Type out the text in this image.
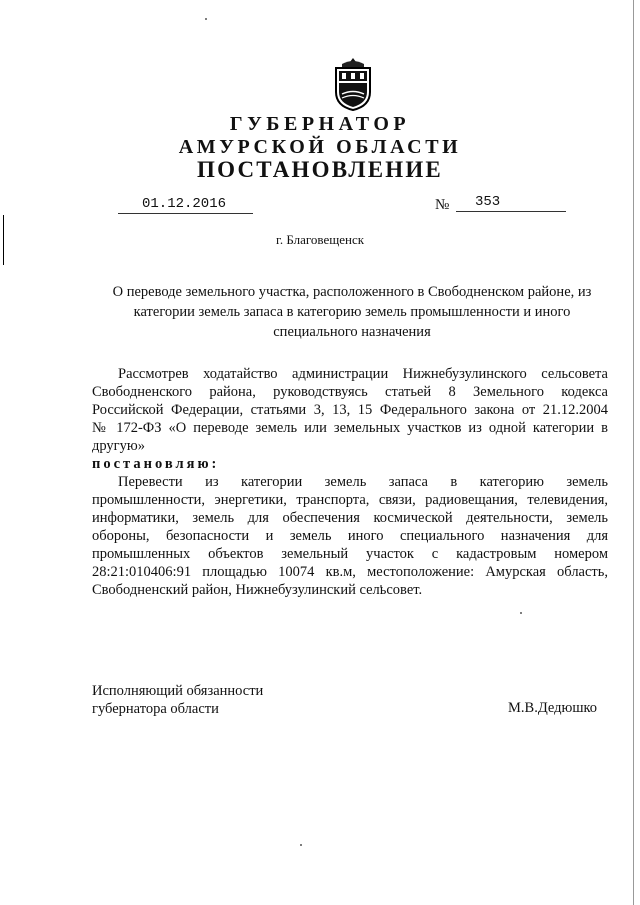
ГУБЕРНАТОР
АМУРСКОЙ ОБЛАСТИ
ПОСТАНОВЛЕНИЕ
01.12.2016	№ 353
г. Благовещенск
О переводе земельного участка, расположенного в Свободненском районе, из
категории земель запаса в категорию земель промышленности и иного
специального назначения
Рассмотрев ходатайство администрации Нижнебузулинского сельсовета
Свободненского района, руководствуясь статьей 8 Земельного кодекса
Российской Федерации, статьями 3, 13, 15 Федерального закона от 21.12.2004
№ 172-ФЗ «О переводе земель или земельных участков из одной категории в
другую»
постановляю:
Перевести из категории земель запаса в категорию земель
промышленности, энергетики, транспорта, связи, радиовещания, телевидения,
информатики, земель для обеспечения космической деятельности, земель
обороны, безопасности и земель иного специального назначения для
промышленных объектов земельный участок с кадастровым номером
28:21:010406:91 площадью 10074 кв.м, местоположение: Амурская область,
Свободненский район, Нижнебузулинский сельсовет.
Исполняющий обязанности
губернатора области	М.В.Дедюшко
